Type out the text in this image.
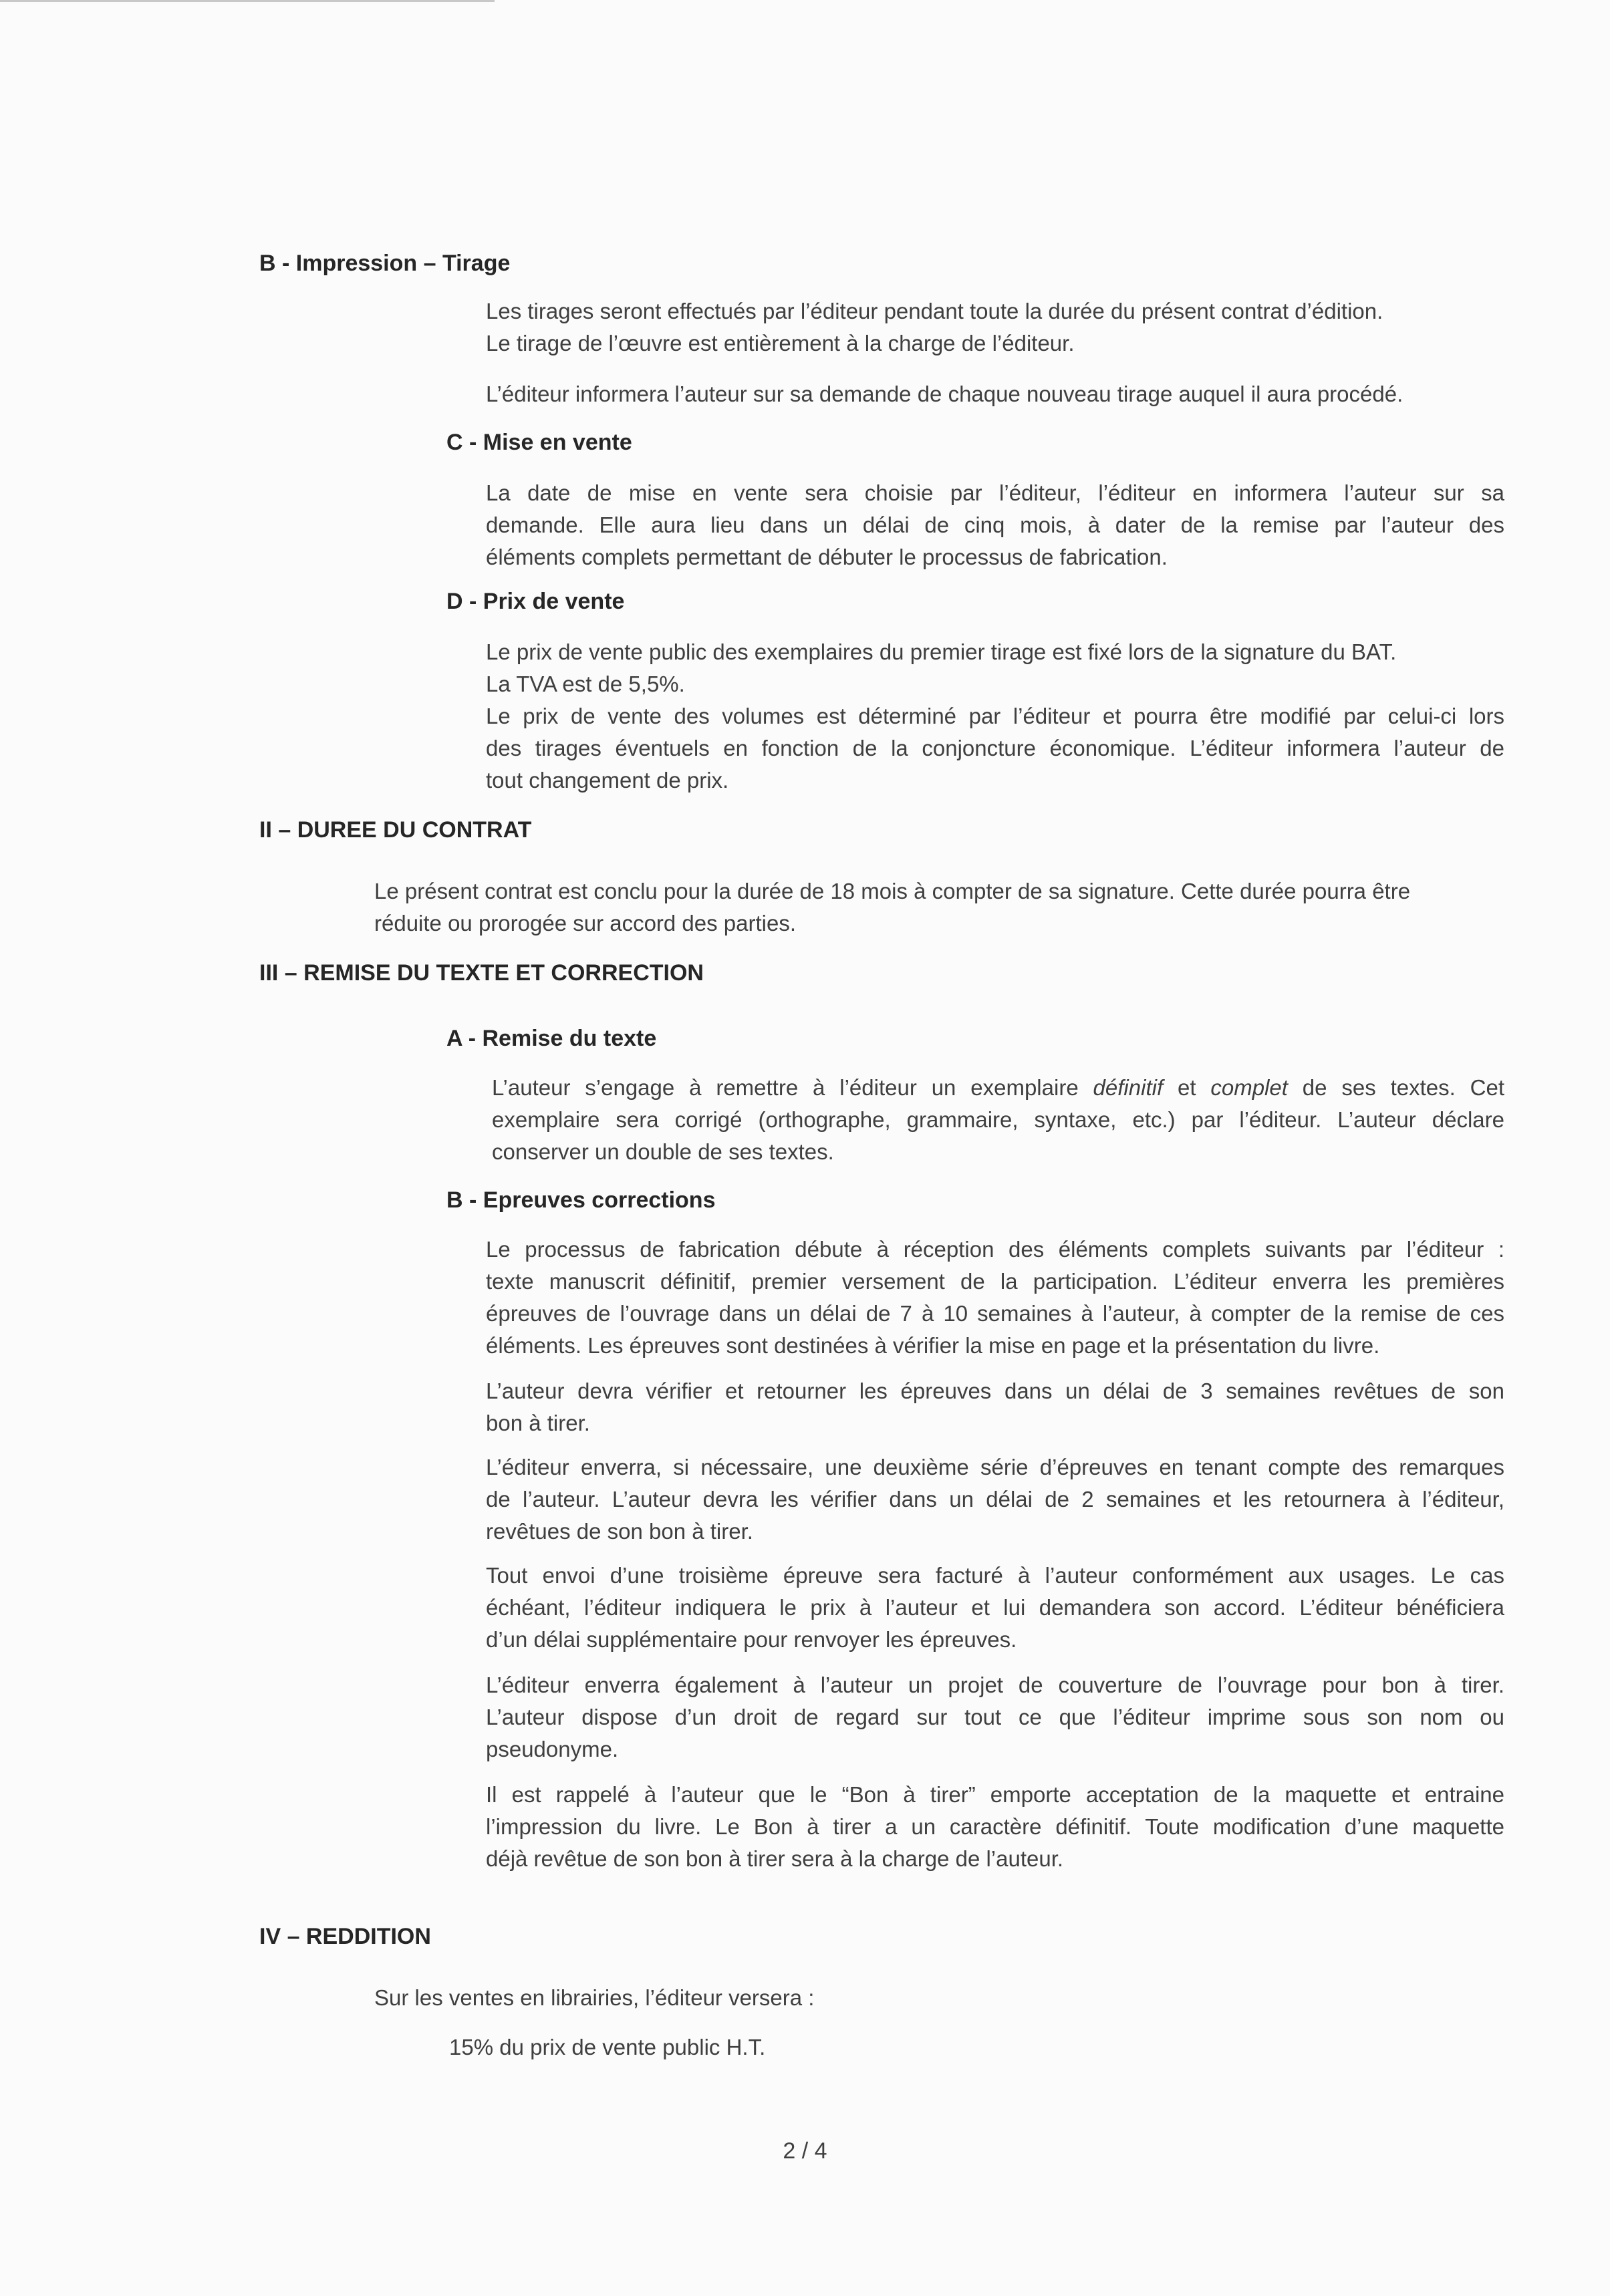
B - Impression – Tirage
Les tirages seront effectués par l’éditeur pendant toute la durée du présent contrat d’édition.
Le tirage de l’œuvre est entièrement à la charge de l’éditeur.
L’éditeur informera l’auteur sur sa demande de chaque nouveau tirage auquel il aura procédé.
C - Mise en vente
La date de mise en vente sera choisie par l’éditeur, l’éditeur en informera l’auteur sur sa
demande. Elle aura lieu dans un délai de cinq mois, à dater de la remise par l’auteur des
éléments complets permettant de débuter le processus de fabrication.
D - Prix de vente
Le prix de vente public des exemplaires du premier tirage est fixé lors de la signature du BAT.
La TVA est de 5,5%.
Le prix de vente des volumes est déterminé par l’éditeur et pourra être modifié par celui-ci lors
des tirages éventuels en fonction de la conjoncture économique. L’éditeur informera l’auteur de
tout changement de prix.
II – DUREE DU CONTRAT
Le présent contrat est conclu pour la durée de 18 mois à compter de sa signature. Cette durée pourra être
réduite ou prorogée sur accord des parties.
III – REMISE DU TEXTE ET CORRECTION
A - Remise du texte
L’auteur s’engage à remettre à l’éditeur un exemplaire définitif et complet de ses textes. Cet
exemplaire sera corrigé (orthographe, grammaire, syntaxe, etc.) par l’éditeur. L’auteur déclare
conserver un double de ses textes.
B - Epreuves corrections
Le processus de fabrication débute à réception des éléments complets suivants par l’éditeur :
texte manuscrit définitif, premier versement de la participation. L’éditeur enverra les premières
épreuves de l’ouvrage dans un délai de 7 à 10 semaines à l’auteur, à compter de la remise de ces
éléments. Les épreuves sont destinées à vérifier la mise en page et la présentation du livre.
L’auteur devra vérifier et retourner les épreuves dans un délai de 3 semaines revêtues de son
bon à tirer.
L’éditeur enverra, si nécessaire, une deuxième série d’épreuves en tenant compte des remarques
de l’auteur. L’auteur devra les vérifier dans un délai de 2 semaines et les retournera à l’éditeur,
revêtues de son bon à tirer.
Tout envoi d’une troisième épreuve sera facturé à l’auteur conformément aux usages. Le cas
échéant, l’éditeur indiquera le prix à l’auteur et lui demandera son accord. L’éditeur bénéficiera
d’un délai supplémentaire pour renvoyer les épreuves.
L’éditeur enverra également à l’auteur un projet de couverture de l’ouvrage pour bon à tirer.
L’auteur dispose d’un droit de regard sur tout ce que l’éditeur imprime sous son nom ou
pseudonyme.
Il est rappelé à l’auteur que le “Bon à tirer” emporte acceptation de la maquette et entraine
l’impression du livre. Le Bon à tirer a un caractère définitif. Toute modification d’une maquette
déjà revêtue de son bon à tirer sera à la charge de l’auteur.
IV – REDDITION
Sur les ventes en librairies, l’éditeur versera :
15% du prix de vente public H.T.
2 / 4
